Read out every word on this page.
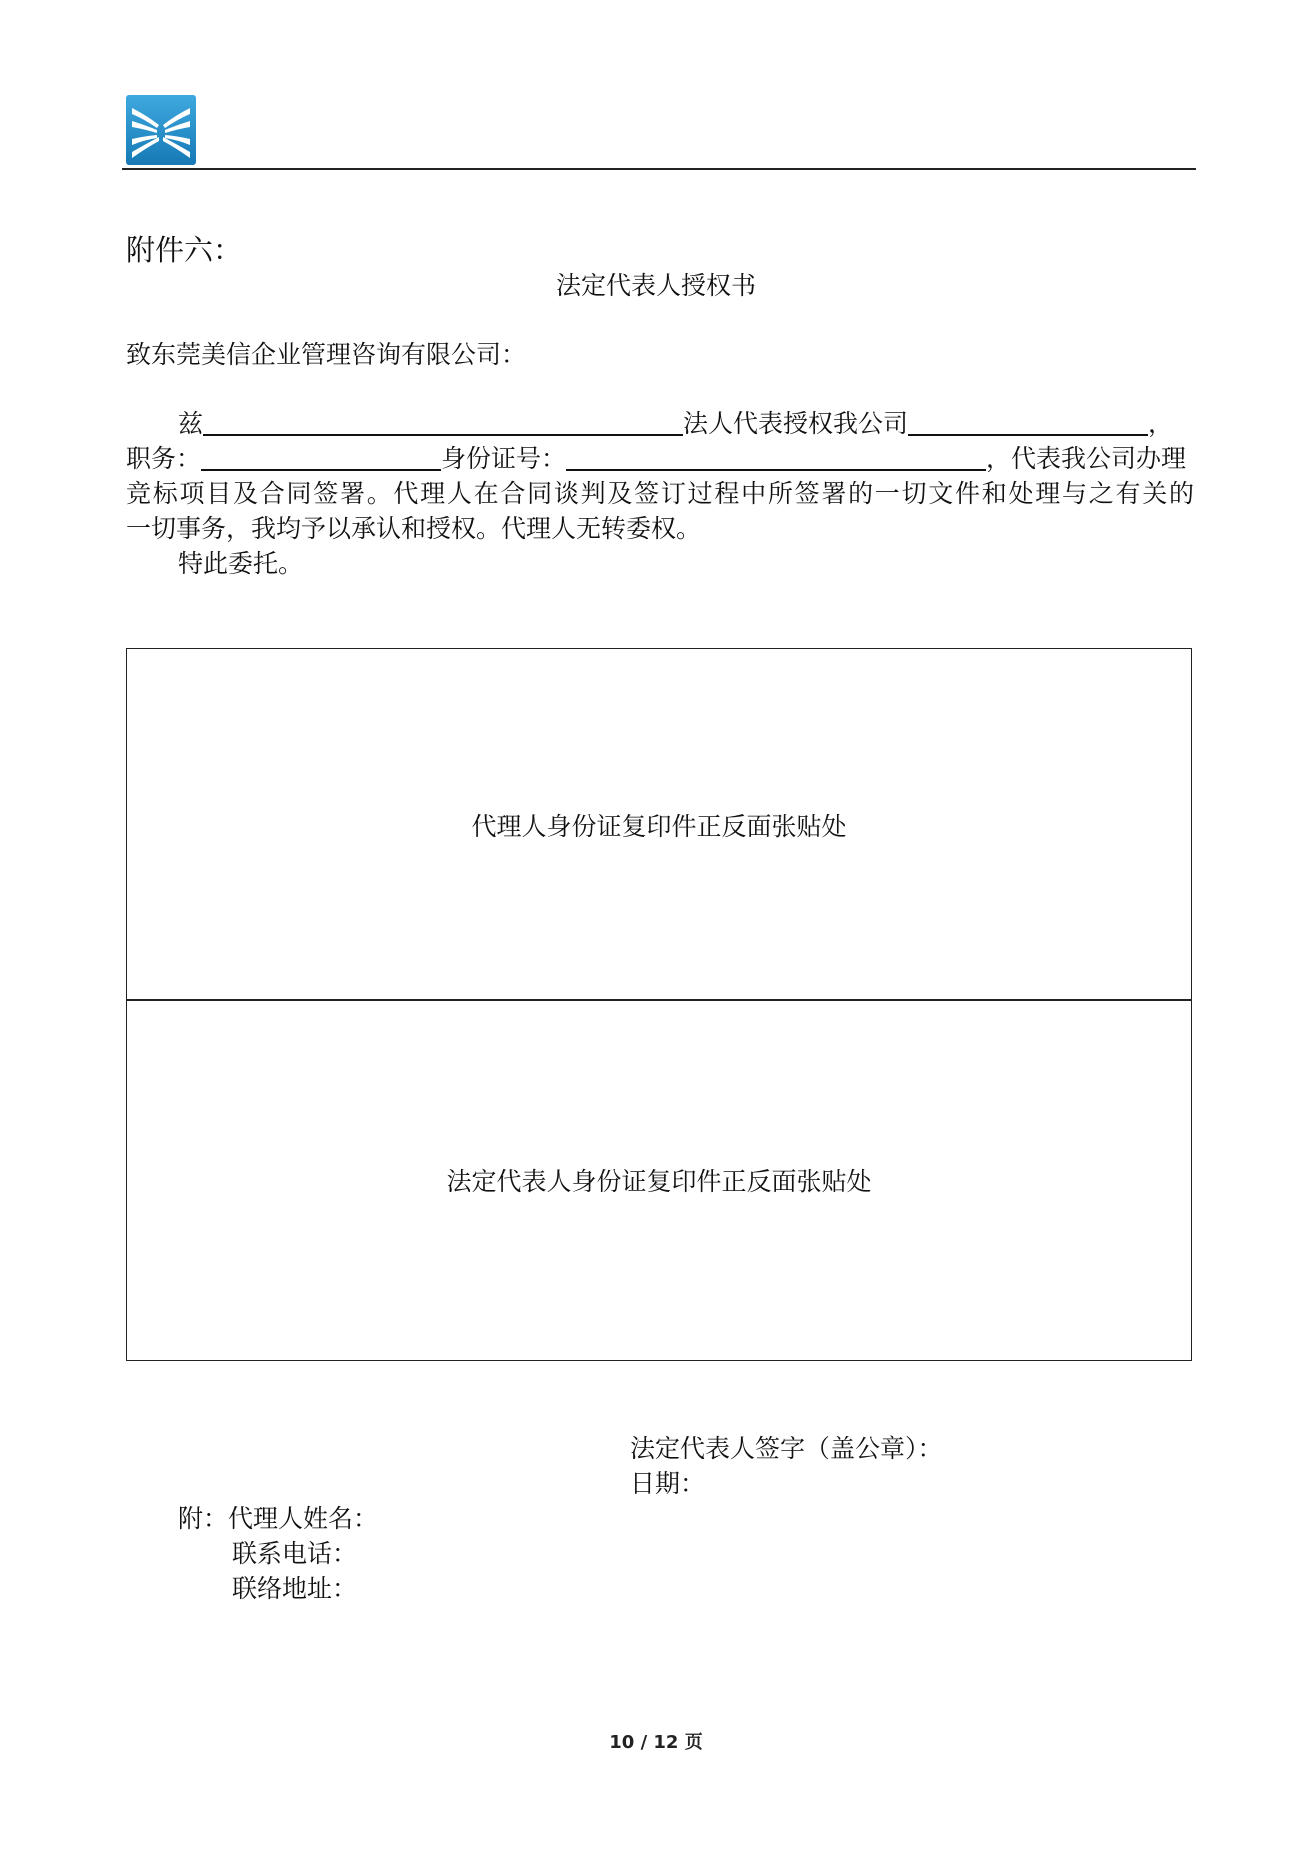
附件六：
法定代表人授权书
致东莞美信企业管理咨询有限公司：
兹	法人代表授权我公司	，
职务：	身份证号：	，代表我公司办理
竞标项目及合同签署。代理人在合同谈判及签订过程中所签署的一切文件和处理与之有关的
一切事务，我均予以承认和授权。代理人无转委权。
特此委托。
代理人身份证复印件正反面张贴处
法定代表人身份证复印件正反面张贴处
法定代表人签字（盖公章）：
日期：
附：代理人姓名：
联系电话：
联络地址：
10 / 12 页
